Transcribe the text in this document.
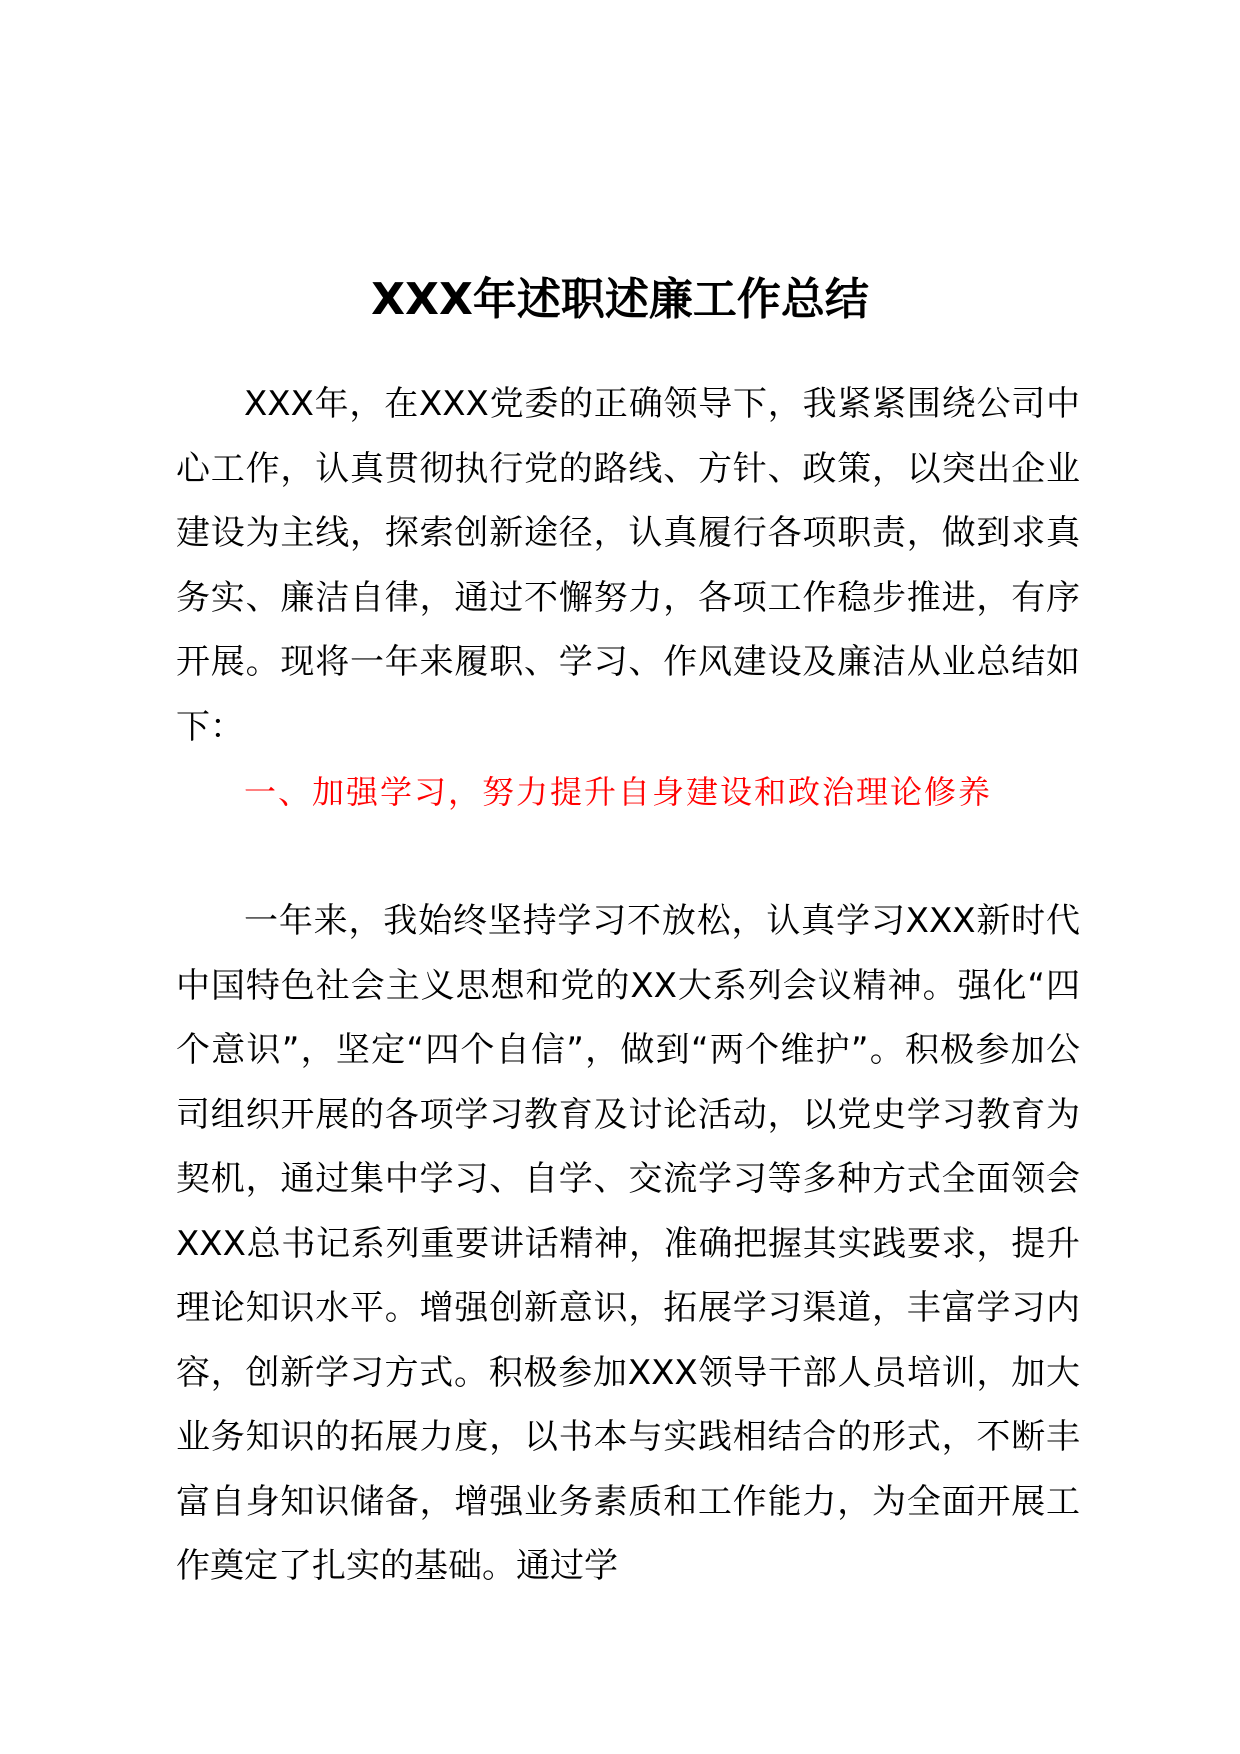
XXX年述职述廉工作总结

XXX年，在XXX党委的正确领导下，我紧紧围绕公司中心工作，认真贯彻执行党的路线、方针、政策，以突出企业建设为主线，探索创新途径，认真履行各项职责，做到求真务实、廉洁自律，通过不懈努力，各项工作稳步推进，有序开展。现将一年来履职、学习、作风建设及廉洁从业总结如下：

一、加强学习，努力提升自身建设和政治理论修养

一年来，我始终坚持学习不放松，认真学习XXX新时代中国特色社会主义思想和党的XX大系列会议精神。强化“四个意识”，坚定“四个自信”，做到“两个维护”。积极参加公司组织开展的各项学习教育及讨论活动，以党史学习教育为契机，通过集中学习、自学、交流学习等多种方式全面领会XXX总书记系列重要讲话精神，准确把握其实践要求，提升理论知识水平。增强创新意识，拓展学习渠道，丰富学习内容，创新学习方式。积极参加XXX领导干部人员培训，加大业务知识的拓展力度，以书本与实践相结合的形式，不断丰富自身知识储备，增强业务素质和工作能力，为全面开展工作奠定了扎实的基础。通过学
